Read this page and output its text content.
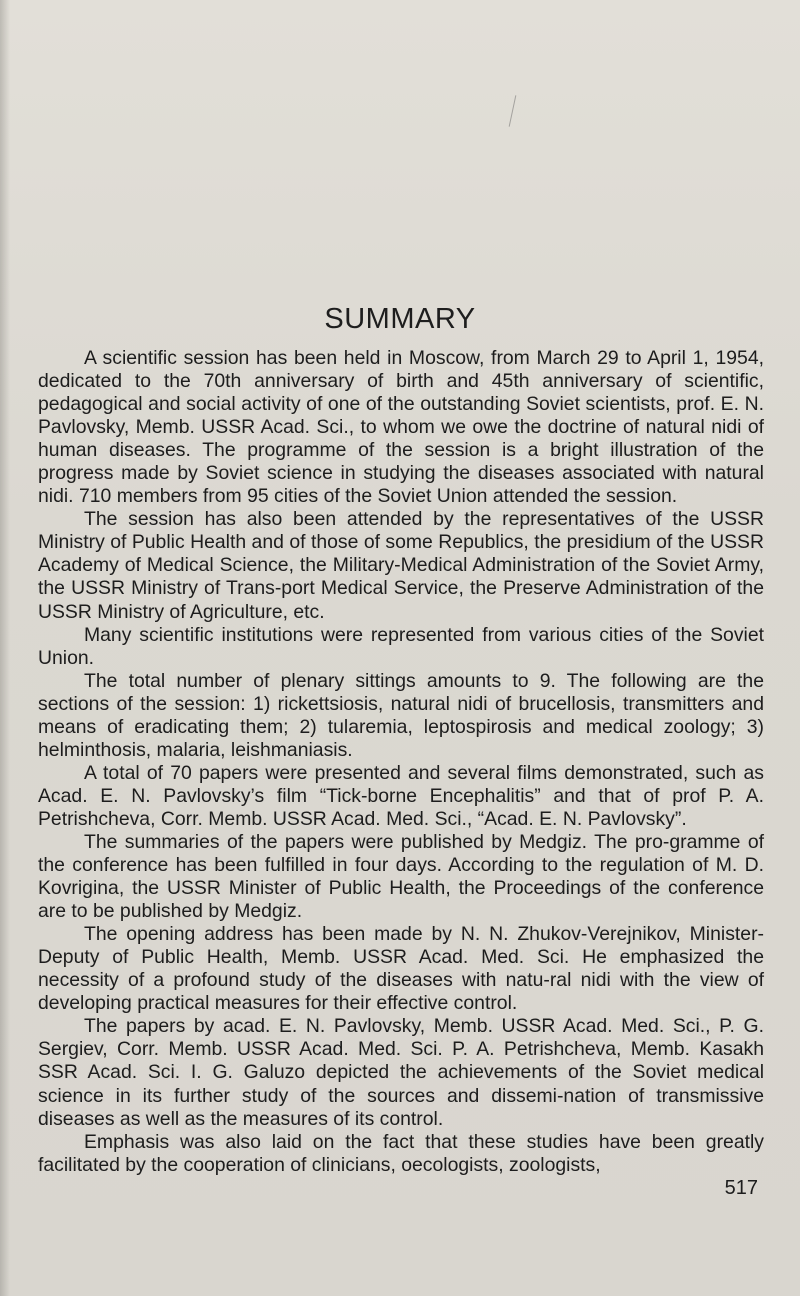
SUMMARY

A scientific session has been held in Moscow, from March 29 to April 1, 1954, dedicated to the 70th anniversary of birth and 45th anniversary of scientific, pedagogical and social activity of one of the outstanding Soviet scientists, prof. E. N. Pavlovsky, Memb. USSR Acad. Sci., to whom we owe the doctrine of natural nidi of human diseases. The programme of the session is a bright illustration of the progress made by Soviet science in studying the diseases associated with natural nidi. 710 members from 95 cities of the Soviet Union attended the session.

The session has also been attended by the representatives of the USSR Ministry of Public Health and of those of some Republics, the presidium of the USSR Academy of Medical Science, the Military-Medical Administration of the Soviet Army, the USSR Ministry of Trans-port Medical Service, the Preserve Administration of the USSR Ministry of Agriculture, etc.

Many scientific institutions were represented from various cities of the Soviet Union.

The total number of plenary sittings amounts to 9. The following are the sections of the session: 1) rickettsiosis, natural nidi of brucellosis, transmitters and means of eradicating them; 2) tularemia, leptospirosis and medical zoology; 3) helminthosis, malaria, leishmaniasis.

A total of 70 papers were presented and several films demonstrated, such as Acad. E. N. Pavlovsky’s film “Tick-borne Encephalitis” and that of prof P. A. Petrishcheva, Corr. Memb. USSR Acad. Med. Sci., “Acad. E. N. Pavlovsky”.

The summaries of the papers were published by Medgiz. The pro-gramme of the conference has been fulfilled in four days. According to the regulation of M. D. Kovrigina, the USSR Minister of Public Health, the Proceedings of the conference are to be published by Medgiz.

The opening address has been made by N. N. Zhukov-Verejnikov, Minister-Deputy of Public Health, Memb. USSR Acad. Med. Sci. He emphasized the necessity of a profound study of the diseases with natu-ral nidi with the view of developing practical measures for their effective control.

The papers by acad. E. N. Pavlovsky, Memb. USSR Acad. Med. Sci., P. G. Sergiev, Corr. Memb. USSR Acad. Med. Sci. P. A. Petrishcheva, Memb. Kasakh SSR Acad. Sci. I. G. Galuzo depicted the achievements of the Soviet medical science in its further study of the sources and dissemi-nation of transmissive diseases as well as the measures of its control.

Emphasis was also laid on the fact that these studies have been greatly facilitated by the cooperation of clinicians, oecologists, zoologists,

517
